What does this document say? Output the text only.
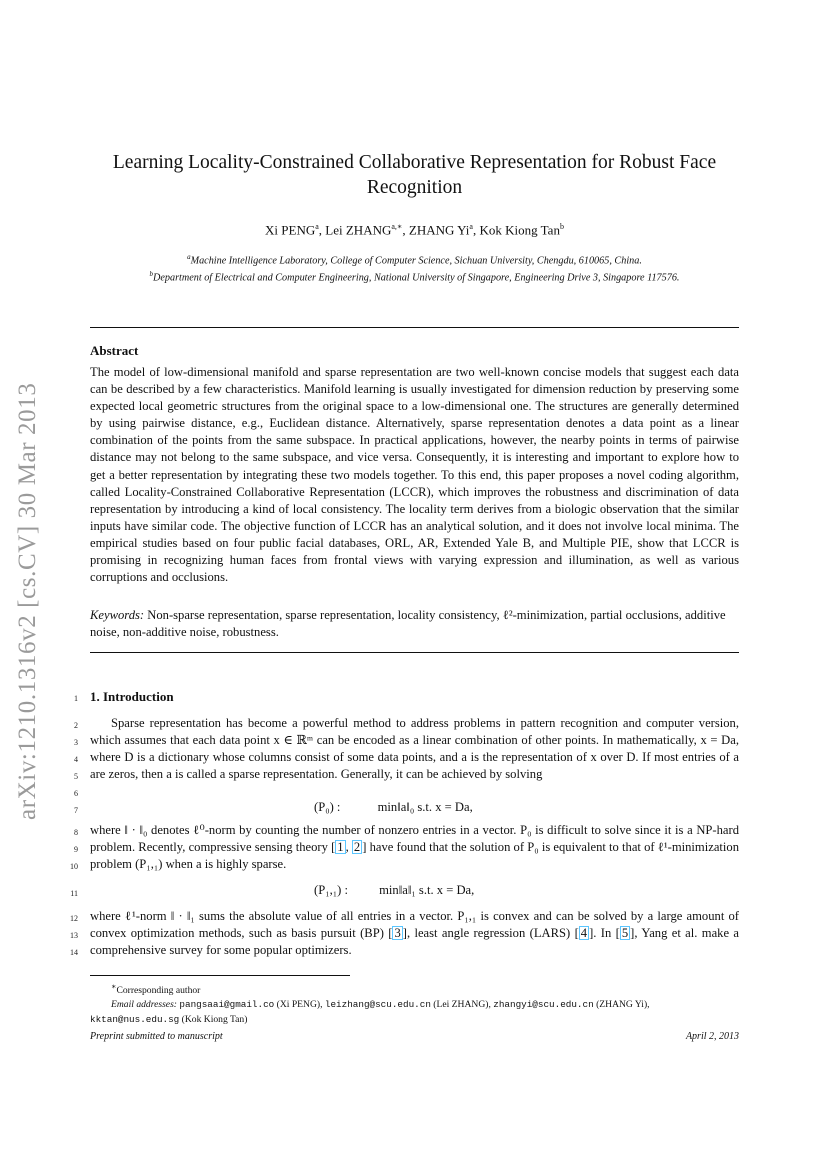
arXiv:1210.1316v2 [cs.CV] 30 Mar 2013
Learning Locality-Constrained Collaborative Representation for Robust Face Recognition
Xi PENG$^a$, Lei $ZHANG^{a,∗}$, ZHANG Yi$^a$, Kok Kiong Tan$^b$
$^a$Machine Intelligence Laboratory, College of Computer Science, Sichuan University, Chengdu, 610065, China.
$^b$Department of Electrical and Computer Engineering, National University of Singapore, Engineering Drive 3, Singapore 117576.
Abstract
The model of low-dimensional manifold and sparse representation are two well-known concise models that suggest each data can be described by a few characteristics. Manifold learning is usually investigated for dimension reduction by preserving some expected local geometric structures from the original space to a low-dimensional one. The structures are generally determined by using pairwise distance, e.g., Euclidean distance. Alternatively, sparse representation denotes a data point as a linear combination of the points from the same subspace. In practical applications, however, the nearby points in terms of pairwise distance may not belong to the same subspace, and vice versa. Consequently, it is interesting and important to explore how to get a better representation by integrating these two models together. To this end, this paper proposes a novel coding algorithm, called Locality-Constrained Collaborative Representation (LCCR), which improves the robustness and discrimination of data representation by introducing a kind of local consistency. The locality term derives from a biologic observation that the similar inputs have similar code. The objective function of LCCR has an analytical solution, and it does not involve local minima. The empirical studies based on four public facial databases, ORL, AR, Extended Yale B, and Multiple PIE, show that LCCR is promising in recognizing human faces from frontal views with varying expression and illumination, as well as various corruptions and occlusions.
Keywords: Non-sparse representation, sparse representation, locality consistency, ℓ²-minimization, partial occlusions, additive noise, non-additive noise, robustness.
1
2
3
4
5
6
7
8
9
10
11
12
13
14
1. Introduction
Sparse representation has become a powerful method to address problems in pattern recognition and computer version, which assumes that each data point x ∈ ℝᵐ can be encoded as a linear combination of other points. In mathematically, x = Da, where D is a dictionary whose columns consist of some data points, and a is the representation of x over D. If most entries of a are zeros, then a is called a sparse representation. Generally, it can be achieved by solving
(P₀) :	min‖a‖₀ s.t. x = Da,
where ‖ · ‖₀ denotes ℓ⁰-norm by counting the number of nonzero entries in a vector. P₀ is difficult to solve since it is a NP-hard problem. Recently, compressive sensing theory [ 1 , 2 ] have found that the solution of P₀ is equivalent to that of ℓ¹-minimization problem (P₁,₁) when a is highly sparse.
(P₁,₁) : min‖a‖₁ s.t. x = Da,
where ℓ¹-norm ‖ · ‖₁ sums the absolute value of all entries in a vector. P₁,₁ is convex and can be solved by a large amount of convex optimization methods, such as basis pursuit (BP) [ 3 ], least angle regression (LARS) [ 4 ]. In [ 5 ], Yang et al. make a comprehensive survey for some popular optimizers.
∗Corresponding author
Email addresses: pangsaai@gmail.co (Xi PENG), leizhang@scu.edu.cn (Lei ZHANG), zhangyi@scu.edu.cn (ZHANG Yi),
kktan@nus.edu.sg (Kok Kiong Tan)
Preprint submitted to manuscript	April 2, 2013
